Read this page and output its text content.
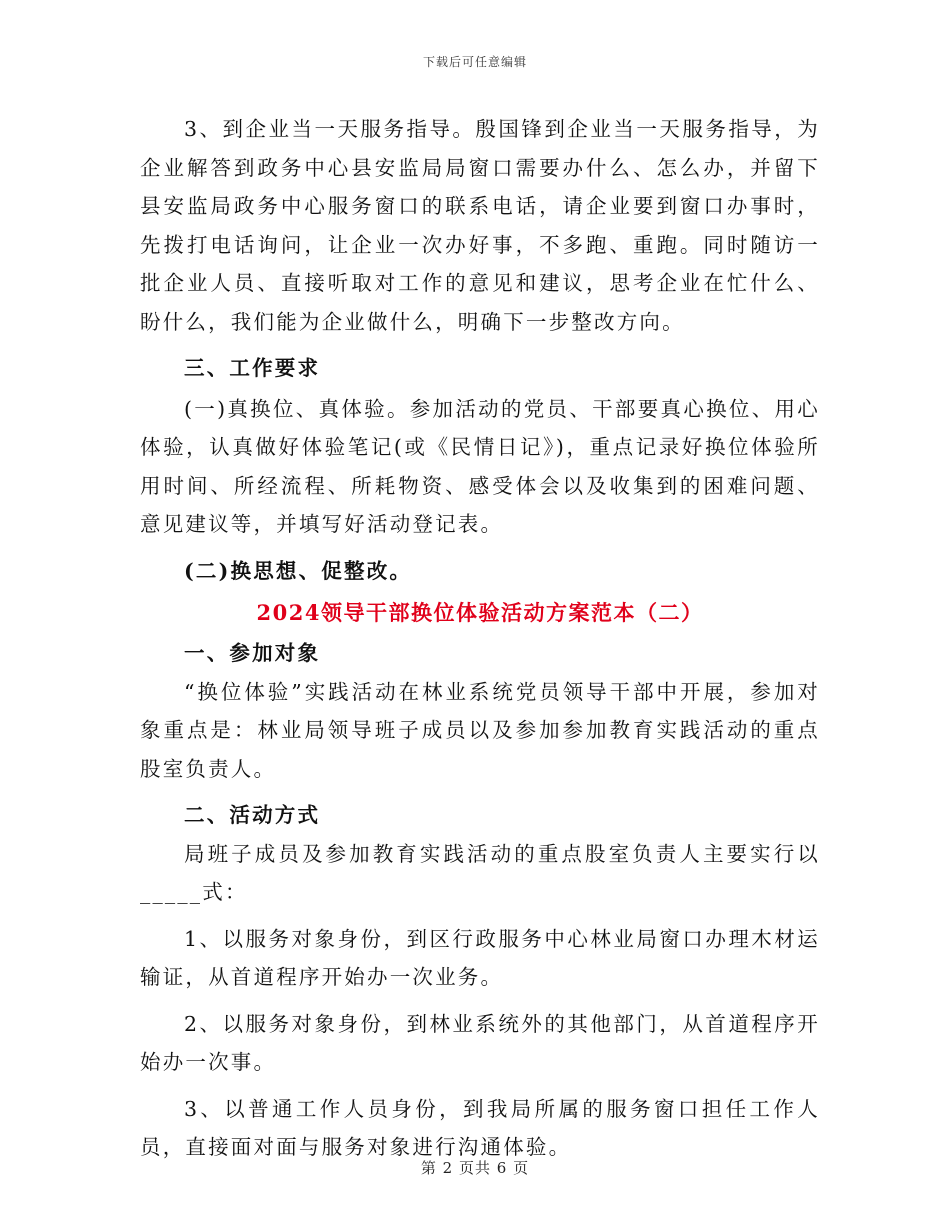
下载后可任意编辑

3、到企业当一天服务指导。殷国锋到企业当一天服务指导，为企业解答到政务中心县安监局局窗口需要办什么、怎么办，并留下县安监局政务中心服务窗口的联系电话，请企业要到窗口办事时，先拨打电话询问，让企业一次办好事，不多跑、重跑。同时随访一批企业人员、直接听取对工作的意见和建议，思考企业在忙什么、盼什么，我们能为企业做什么，明确下一步整改方向。

三、工作要求

(一)真换位、真体验。参加活动的党员、干部要真心换位、用心体验，认真做好体验笔记(或《民情日记》)，重点记录好换位体验所用时间、所经流程、所耗物资、感受体会以及收集到的困难问题、意见建议等，并填写好活动登记表。

(二)换思想、促整改。

2024领导干部换位体验活动方案范本（二）

一、参加对象

“换位体验”实践活动在林业系统党员领导干部中开展，参加对象重点是：林业局领导班子成员以及参加参加教育实践活动的重点股室负责人。

二、活动方式

局班子成员及参加教育实践活动的重点股室负责人主要实行以_____式：

1、以服务对象身份，到区行政服务中心林业局窗口办理木材运输证，从首道程序开始办一次业务。

2、以服务对象身份，到林业系统外的其他部门，从首道程序开始办一次事。

3、以普通工作人员身份，到我局所属的服务窗口担任工作人员，直接面对面与服务对象进行沟通体验。

第 2 页共 6 页
